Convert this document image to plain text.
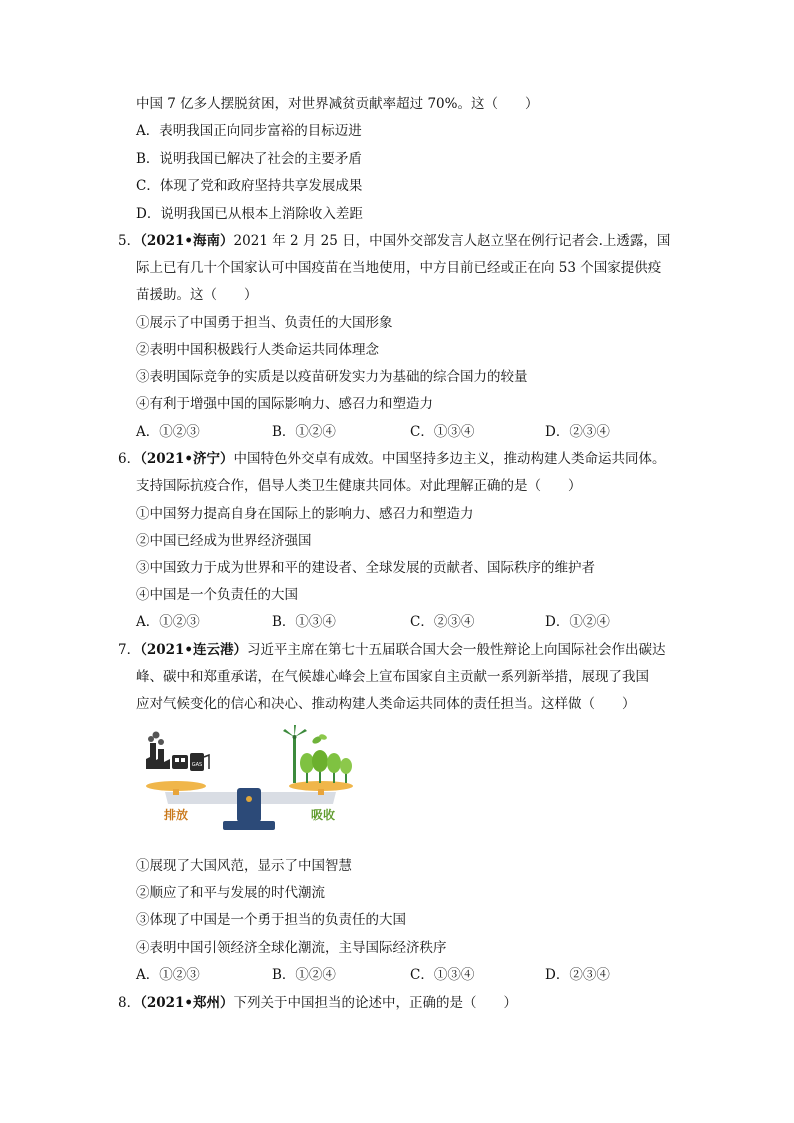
中国 7 亿多人摆脱贫困，对世界减贫贡献率超过 70%。这（　　）
A．表明我国正向同步富裕的目标迈进
B．说明我国已解决了社会的主要矛盾
C．体现了党和政府坚持共享发展成果
D．说明我国已从根本上消除收入差距
5．（2021•海南）2021 年 2 月 25 日，中国外交部发言人赵立坚在例行记者会.上透露，国
际上已有几十个国家认可中国疫苗在当地使用，中方目前已经或正在向 53 个国家提供疫
苗援助。这（　　）
①展示了中国勇于担当、负责任的大国形象
②表明中国积极践行人类命运共同体理念
③表明国际竞争的实质是以疫苗研发实力为基础的综合国力的较量
④有利于增强中国的国际影响力、感召力和塑造力
A．①②③	B．①②④	C．①③④	D．②③④
6．（2021•济宁）中国特色外交卓有成效。中国坚持多边主义，推动构建人类命运共同体。
支持国际抗疫合作，倡导人类卫生健康共同体。对此理解正确的是（　　）
①中国努力提高自身在国际上的影响力、感召力和塑造力
②中国已经成为世界经济强国
③中国致力于成为世界和平的建设者、全球发展的贡献者、国际秩序的维护者
④中国是一个负责任的大国
A．①②③	B．①③④	C．②③④	D．①②④
7．（2021•连云港）习近平主席在第七十五届联合国大会一般性辩论上向国际社会作出碳达
峰、碳中和郑重承诺，在气候雄心峰会上宣布国家自主贡献一系列新举措，展现了我国
应对气候变化的信心和决心、推动构建人类命运共同体的责任担当。这样做（　　）
GAS
排放	吸收
①展现了大国风范，显示了中国智慧
②顺应了和平与发展的时代潮流
③体现了中国是一个勇于担当的负责任的大国
④表明中国引领经济全球化潮流，主导国际经济秩序
A．①②③	B．①②④	C．①③④	D．②③④
8．（2021•郑州）下列关于中国担当的论述中，正确的是（　　）
